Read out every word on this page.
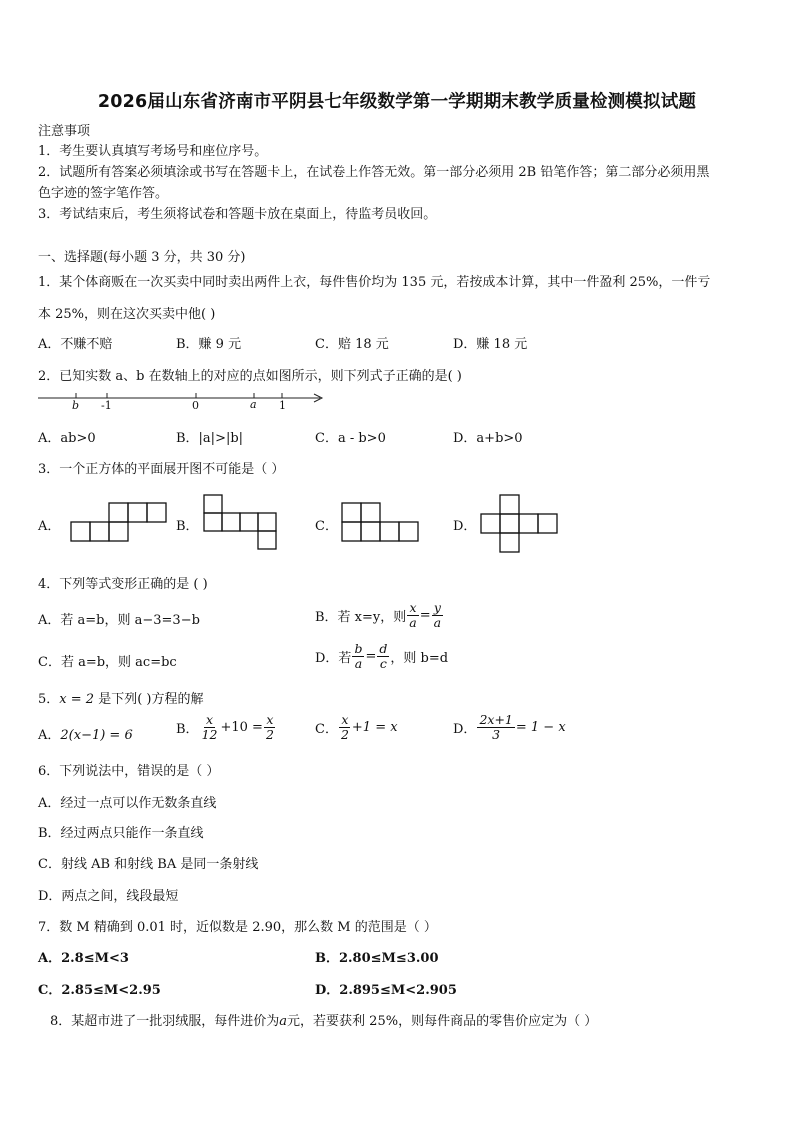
2026届山东省济南市平阴县七年级数学第一学期期末教学质量检测模拟试题
注意事项
1．考生要认真填写考场号和座位序号。
2．试题所有答案必须填涂或书写在答题卡上，在试卷上作答无效。第一部分必须用 2B 铅笔作答；第二部分必须用黑
色字迹的签字笔作答。
3．考试结束后，考生须将试卷和答题卡放在桌面上，待监考员收回。
一、选择题(每小题 3 分，共 30 分)
1．某个体商贩在一次买卖中同时卖出两件上衣，每件售价均为 135 元，若按成本计算，其中一件盈利 25%，一件亏
本 25%，则在这次买卖中他( )
A．不赚不赔	B．赚 9 元	C．赔 18 元	D．赚 18 元
2．已知实数 a、b 在数轴上的对应的点如图所示，则下列式子正确的是( )
b -1	0	a 1
A．ab>0	B．|a|>|b|	C．a - b>0	D．a+b>0
3．一个正方体的平面展开图不可能是（ ）
A．	B．	C．	D．
4．下列等式变形正确的是 ( )
A．若 a=b，则 a−3=3−b	B．若 x=y，则 $\frac{x}{a} = \frac{y}{a}$
C．若 a=b，则 ac=bc	D．若 $\frac{b}{a} = \frac{d}{c}$ ，则 b=d
5．x = 2 是下列( )方程的解
A．2(x−1) = 6	B． $\frac{x}{12} +10 = \frac{x}{2}$	C． $\frac{x}{2} +1 = x$	D． $\frac{2x+1}{3} = 1 - x$
6．下列说法中，错误的是（ ）
A．经过一点可以作无数条直线
B．经过两点只能作一条直线
C．射线 AB 和射线 BA 是同一条射线
D．两点之间，线段最短
7．数 M 精确到 0.01 时，近似数是 2.90，那么数 M 的范围是（ ）
A．2.8≤M<3	B．2.80≤M≤3.00
C．2.85≤M<2.95	D．2.895≤M<2.905
8．某超市进了一批羽绒服，每件进价为a元，若要获利 25%，则每件商品的零售价应定为（ ）
